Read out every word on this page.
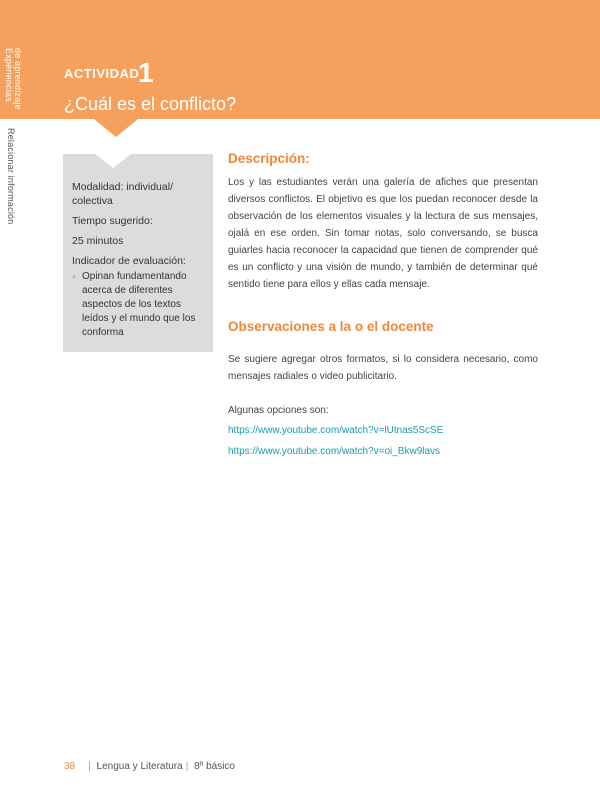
Experiencias de aprendizaje
Relacionar información
ACTIVIDAD
1
¿Cuál es el conflicto?

Modalidad: individual/ colectiva

Tiempo sugerido:

25 minutos

Indicador de evaluación:

• Opinan fundamentando acerca de diferentes aspectos de los textos leídos y el mundo que los conforma
Descripción:
Los y las estudiantes verán una galería de afiches que presentan diversos conflictos. El objetivo es que los puedan reconocer desde la observación de los elementos visuales y la lectura de sus mensajes, ojalá en ese orden. Sin tomar notas, solo conversando, se busca guiarles hacia reconocer la capacidad que tienen de comprender qué es un conflicto y una visión de mundo, y también de determinar qué sentido tiene para ellos y ellas cada mensaje.
Observaciones a la o el docente
Se sugiere agregar otros formatos, si lo considera necesario, como mensajes radiales o video publicitario.
Algunas opciones son:
https://www.youtube.com/watch?v=lUtnas5ScSE
https://www.youtube.com/watch?v=oi_Bkw9lavs
38 | Lengua y Literatura | 8º básico
